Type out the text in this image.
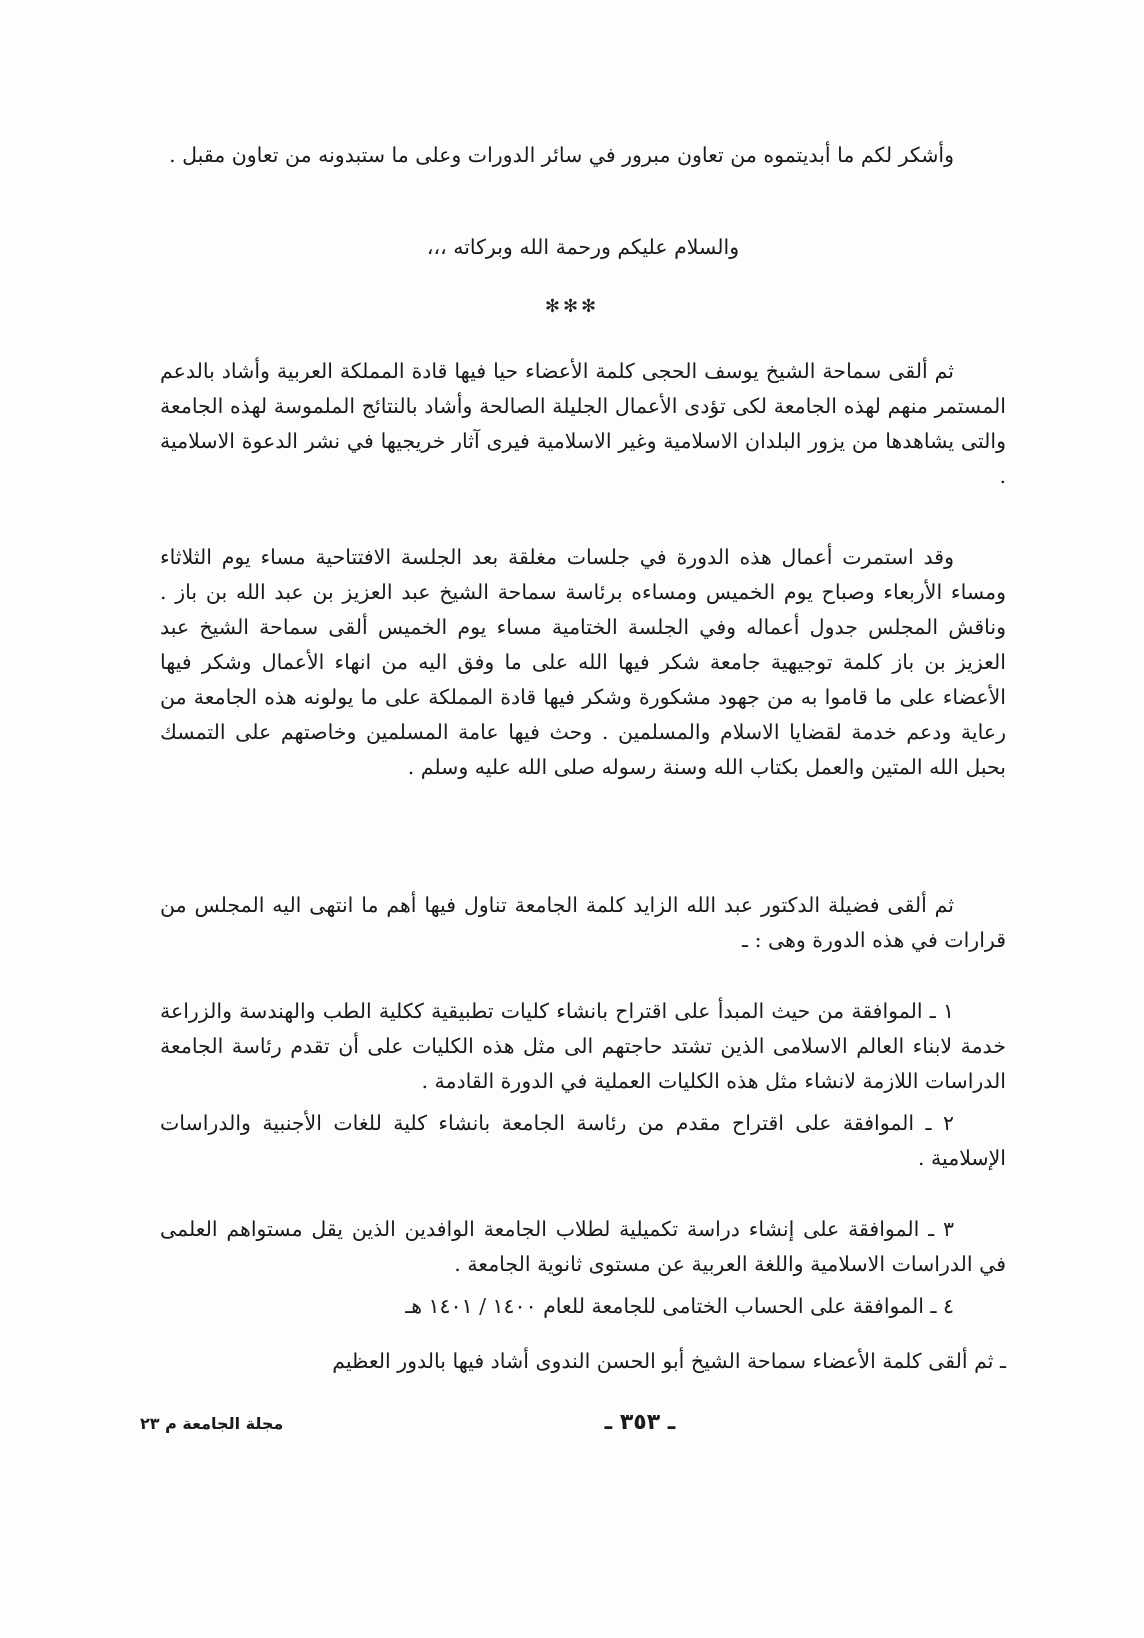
وأشكر لكم ما أبديتموه من تعاون مبرور في سائر الدورات وعلى ما ستبدونه من تعاون مقبل .

والسلام عليكم ورحمة الله وبركاته ،،،

✻✻✻

ثم ألقى سماحة الشيخ يوسف الحجى كلمة الأعضاء حيا فيها قادة المملكة العربية وأشاد بالدعم المستمر منهم لهذه الجامعة لكى تؤدى الأعمال الجليلة الصالحة وأشاد بالنتائج الملموسة لهذه الجامعة والتى يشاهدها من يزور البلدان الاسلامية وغير الاسلامية فيرى آثار خريجيها في نشر الدعوة الاسلامية .

وقد استمرت أعمال هذه الدورة في جلسات مغلقة بعد الجلسة الافتتاحية مساء يوم الثلاثاء ومساء الأربعاء وصباح يوم الخميس ومساءه برئاسة سماحة الشيخ عبد العزيز بن عبد الله بن باز . وناقش المجلس جدول أعماله وفي الجلسة الختامية مساء يوم الخميس ألقى سماحة الشيخ عبد العزيز بن باز كلمة توجيهية جامعة شكر فيها الله على ما وفق اليه من انهاء الأعمال وشكر فيها الأعضاء على ما قاموا به من جهود مشكورة وشكر فيها قادة المملكة على ما يولونه هذه الجامعة من رعاية ودعم خدمة لقضايا الاسلام والمسلمين . وحث فيها عامة المسلمين وخاصتهم على التمسك بحبل الله المتين والعمل بكتاب الله وسنة رسوله صلى الله عليه وسلم .

ثم ألقى فضيلة الدكتور عبد الله الزايد كلمة الجامعة تناول فيها أهم ما انتهى اليه المجلس من قرارات في هذه الدورة وهى : ـ

١ ـ الموافقة من حيث المبدأ على اقتراح بانشاء كليات تطبيقية ككلية الطب والهندسة والزراعة خدمة لابناء العالم الاسلامى الذين تشتد حاجتهم الى مثل هذه الكليات على أن تقدم رئاسة الجامعة الدراسات اللازمة لانشاء مثل هذه الكليات العملية في الدورة القادمة .

٢ ـ الموافقة على اقتراح مقدم من رئاسة الجامعة بانشاء كلية للغات الأجنبية والدراسات الإسلامية .

٣ ـ الموافقة على إنشاء دراسة تكميلية لطلاب الجامعة الوافدين الذين يقل مستواهم العلمى في الدراسات الاسلامية واللغة العربية عن مستوى ثانوية الجامعة .

٤ ـ الموافقة على الحساب الختامى للجامعة للعام ١٤٠٠ / ١٤٠١ هـ

ـ ثم ألقى كلمة الأعضاء سماحة الشيخ أبو الحسن الندوى أشاد فيها بالدور العظيم

مجلة الجامعة م ٢٣	ـ ٣٥٣ ـ
